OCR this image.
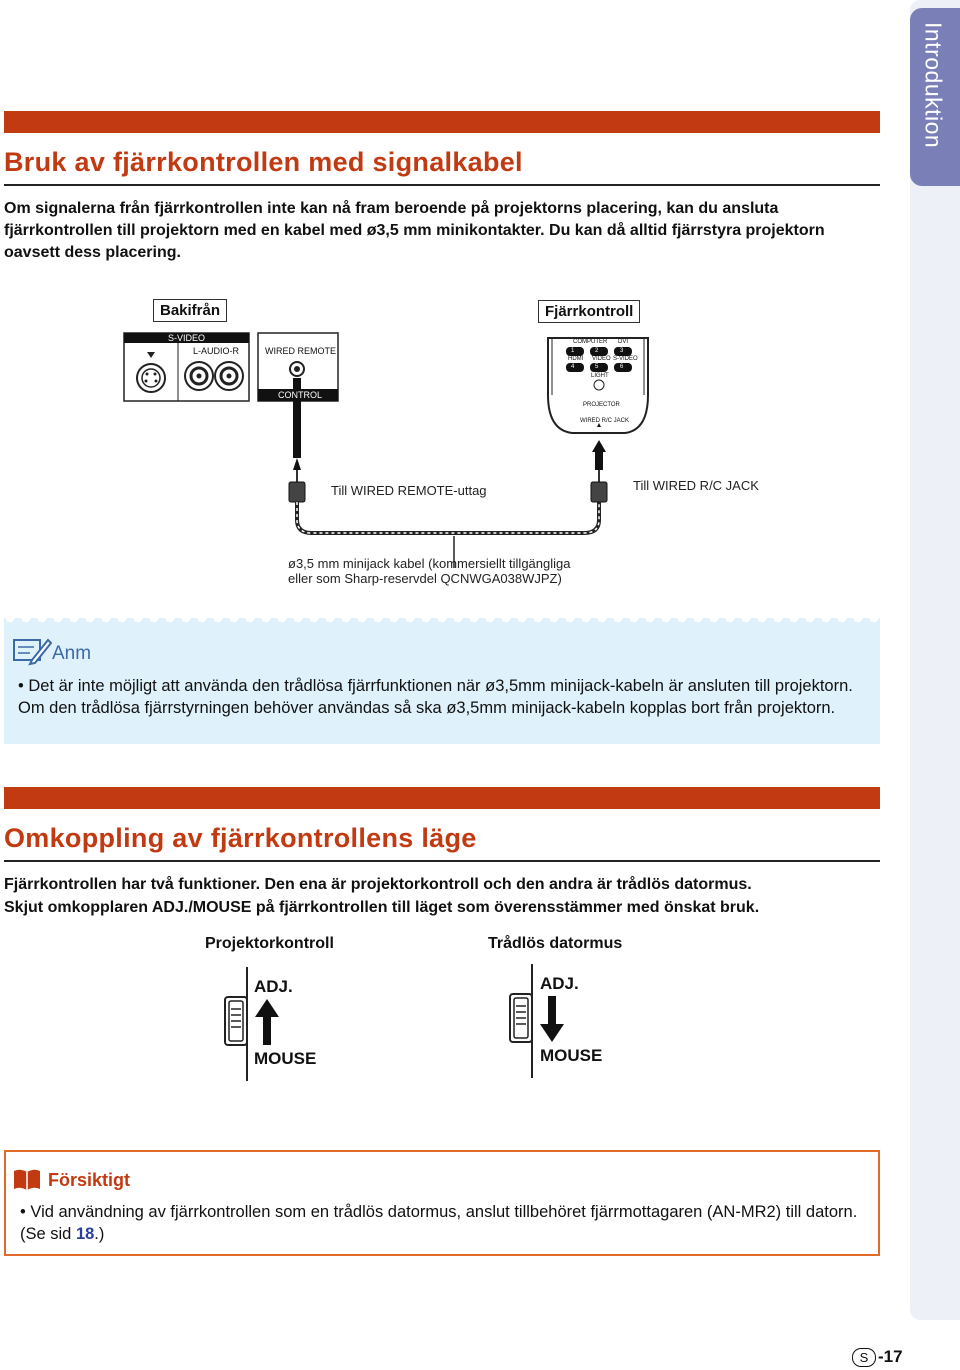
Introduktion
Bruk av fjärrkontrollen med signalkabel
Om signalerna från fjärrkontrollen inte kan nå fram beroende på projektorns placering, kan du ansluta fjärrkontrollen till projektorn med en kabel med ø3,5 mm minikontakter. Du kan då alltid fjärrstyra projektorn oavsett dess placering.
Bakifrån	Fjärrkontroll
S-VIDEO
L-AUDIO-R	WIRED REMOTE
CONTROL
COMPUTER DVI
1	2	3
HDMI VIDEO S-VIDEO
4	5	6
LIGHT
PROJECTOR
WIRED R/C JACK
Till WIRED REMOTE-uttag	Till WIRED R/C JACK
ø3,5 mm minijack kabel (kommersiellt tillgängliga
eller som Sharp-reservdel QCNWGA038WJPZ)
Anm
• Det är inte möjligt att använda den trådlösa fjärrfunktionen när ø3,5mm minijack-kabeln är ansluten till projektorn. Om den trådlösa fjärrstyrningen behöver användas så ska ø3,5mm minijack-kabeln kopplas bort från projektorn.
Omkoppling av fjärrkontrollens läge
Fjärrkontrollen har två funktioner. Den ena är projektorkontroll och den andra är trådlös datormus.
Skjut omkopplaren ADJ./MOUSE på fjärrkontrollen till läget som överensstämmer med önskat bruk.
Projektorkontroll	Trådlös datormus
ADJ.
MOUSE
ADJ.
MOUSE
Försiktigt
• Vid användning av fjärrkontrollen som en trådlös datormus, anslut tillbehöret fjärrmottagaren (AN-MR2) till datorn. (Se sid 18.)
S -17
